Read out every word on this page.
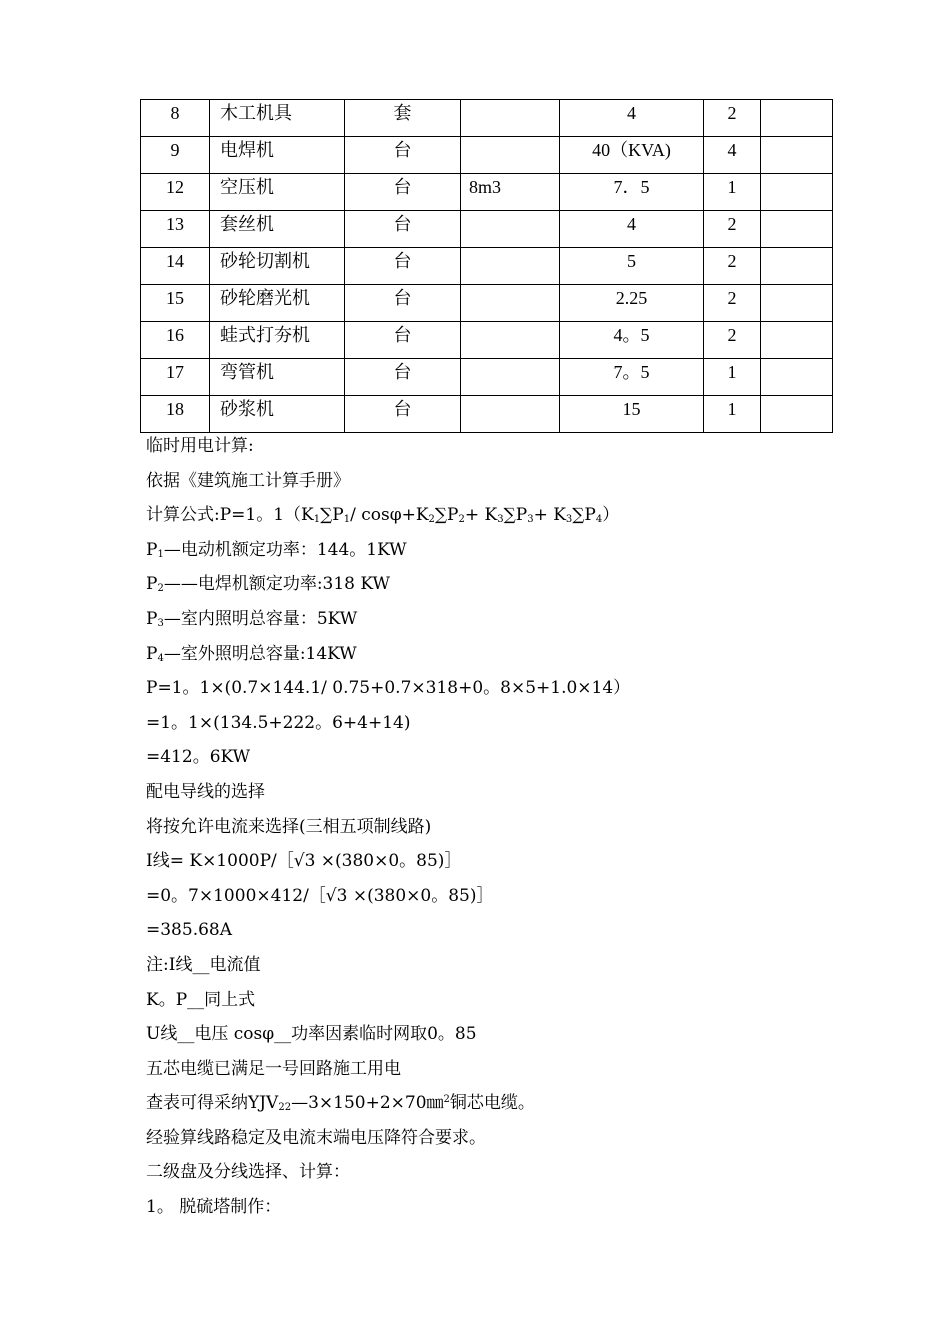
8	木工机具	套		4	2	
9	电焊机	台		40（KVA)	4	
12	空压机	台	8m3	7．5	1	
13	套丝机	台		4	2	
14	砂轮切割机	台		5	2	
15	砂轮磨光机	台		2.25	2	
16	蛙式打夯机	台		4。5	2	
17	弯管机	台		7。5	1	
18	砂浆机	台		15	1	
临时用电计算:
依据《建筑施工计算手册》
计算公式:P=1。$1(K_1\sum P_1/$ $\cos\varphi+K_2\sum P_2+ K_3\sum P_3+ K_3\sum P_4$）
$P_1—$电动机额定功率：144。1KW
$P_2——$电焊机额定功率:318 KW
$P_3—$室内照明总容量：5KW
$P_4—$室外照明总容量:14KW
P=1。1×(0.7×144.1/ 0.75+0.7×318+0。8×5+1.0×14）
=1。1×(134.5+222。6+4+14)
=412。6KW
配电导线的选择
将按允许电流来选择(三相五项制线路)
I线= K×1000P/［√3 ×(380×0。85)］
=0。7×1000×412/［√3 ×(380×0。85)］
=385.68A
注:I线__电流值
K。P__同上式
U线__电压 cosφ__功率因素临时网取0。85
五芯电缆已满足一号回路施工用电
查表可得采纳$YJV_{22}—3\times 150+2\times 70㎜^2$铜芯电缆。
经验算线路稳定及电流末端电压降符合要求。
二级盘及分线选择、计算：
1。 脱硫塔制作：
